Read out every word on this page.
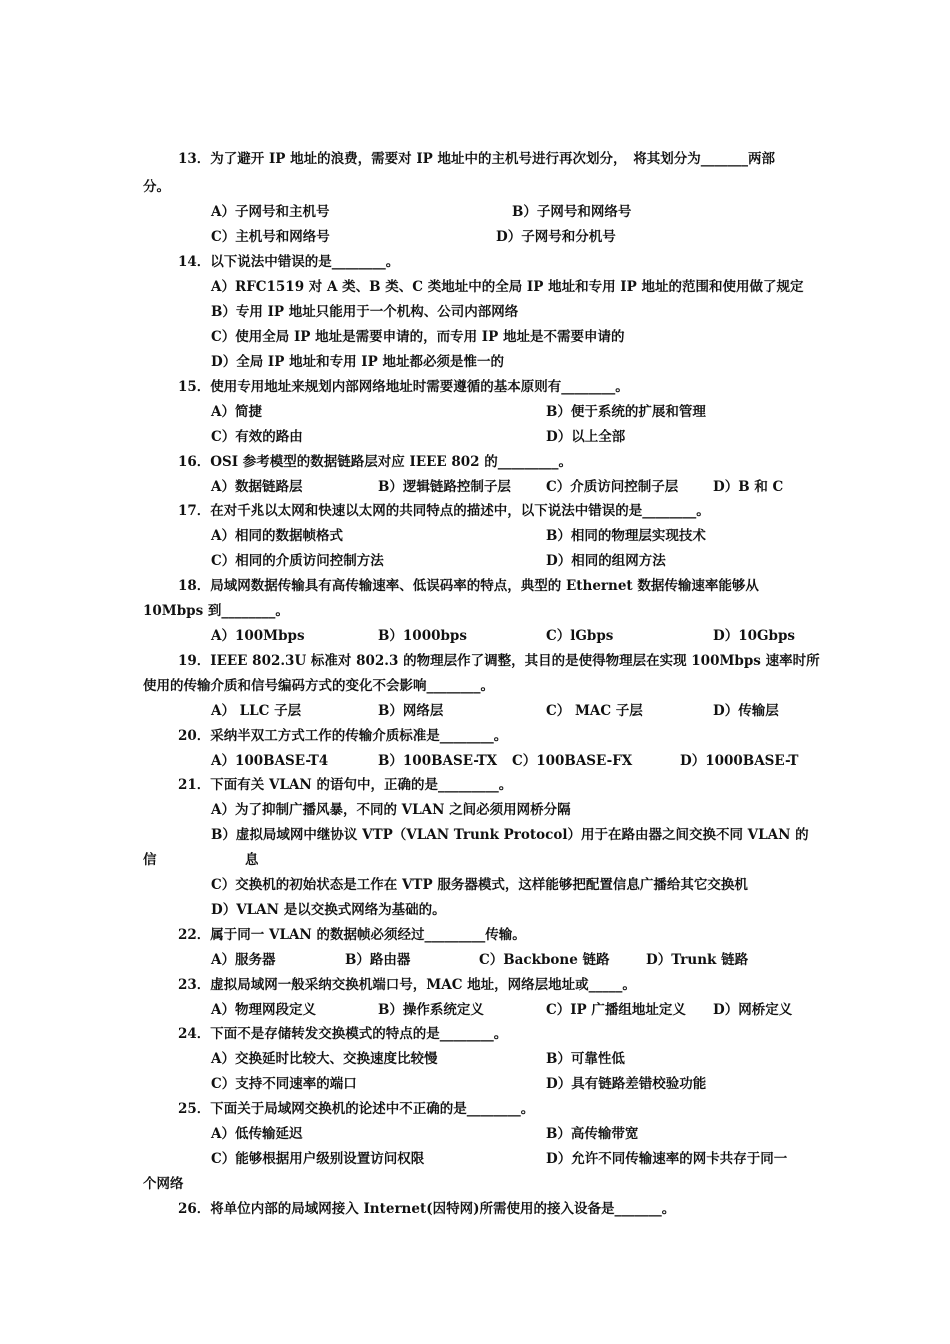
13．为了避开 IP 地址的浪费，需要对 IP 地址中的主机号进行再次划分，　将其划分为_______两部
分。
A）子网号和主机号	B）子网号和网络号
C）主机号和网络号	D）子网号和分机号
14．以下说法中错误的是________。
A）RFC1519 对 A 类、B 类、C 类地址中的全局 IP 地址和专用 IP 地址的范围和使用做了规定
B）专用 IP 地址只能用于一个机构、公司内部网络
C）使用全局 IP 地址是需要申请的，而专用 IP 地址是不需要申请的
D）全局 IP 地址和专用 IP 地址都必须是惟一的
15．使用专用地址来规划内部网络地址时需要遵循的基本原则有________。
A）简捷	B）便于系统的扩展和管理
C）有效的路由	D）以上全部
16．OSI 参考模型的数据链路层对应 IEEE 802 的_________。
A）数据链路层	B）逻辑链路控制子层	C）介质访问控制子层	D）B 和 C
17．在对千兆以太网和快速以太网的共同特点的描述中，以下说法中错误的是________。
A）相同的数据帧格式	B）相同的物理层实现技术
C）相同的介质访问控制方法	D）相同的组网方法
18．局域网数据传输具有高传输速率、低误码率的特点，典型的 Ethernet 数据传输速率能够从
10Mbps 到________。
A）100Mbps	B）1000bps	C）lGbps	D）10Gbps
19．IEEE 802.3U 标准对 802.3 的物理层作了调整，其目的是使得物理层在实现 100Mbps 速率时所
使用的传输介质和信号编码方式的变化不会影响________。
A） LLC 子层	B）网络层	C） MAC 子层	D）传输层
20．采纳半双工方式工作的传输介质标准是________。
A）100BASE-T4	B）100BASE-TX C）100BASE-FX	D）1000BASE-T
21．下面有关 VLAN 的语句中，正确的是_________。
A）为了抑制广播风暴，不同的 VLAN 之间必须用网桥分隔
B）虚拟局域网中继协议 VTP（VLAN Trunk Protocol）用于在路由器之间交换不同 VLAN 的
信	息
C）交换机的初始状态是工作在 VTP 服务器模式，这样能够把配置信息广播给其它交换机
D）VLAN 是以交换式网络为基础的。
22．属于同一 VLAN 的数据帧必须经过_________传输。
A）服务器	B）路由器	C）Backbone 链路	D）Trunk 链路
23．虚拟局域网一般采纳交换机端口号，MAC 地址，网络层地址或_____。
A）物理网段定义	B）操作系统定义	C）IP 广播组地址定义 D）网桥定义
24．下面不是存储转发交换模式的特点的是________。
A）交换延时比较大、交换速度比较慢	B）可靠性低
C）支持不同速率的端口	D）具有链路差错校验功能
25．下面关于局域网交换机的论述中不正确的是________。
A）低传输延迟	B）高传输带宽
C）能够根据用户级别设置访问权限	D）允许不同传输速率的网卡共存于同一
个网络
26．将单位内部的局域网接入 Internet(因特网)所需使用的接入设备是_______。
